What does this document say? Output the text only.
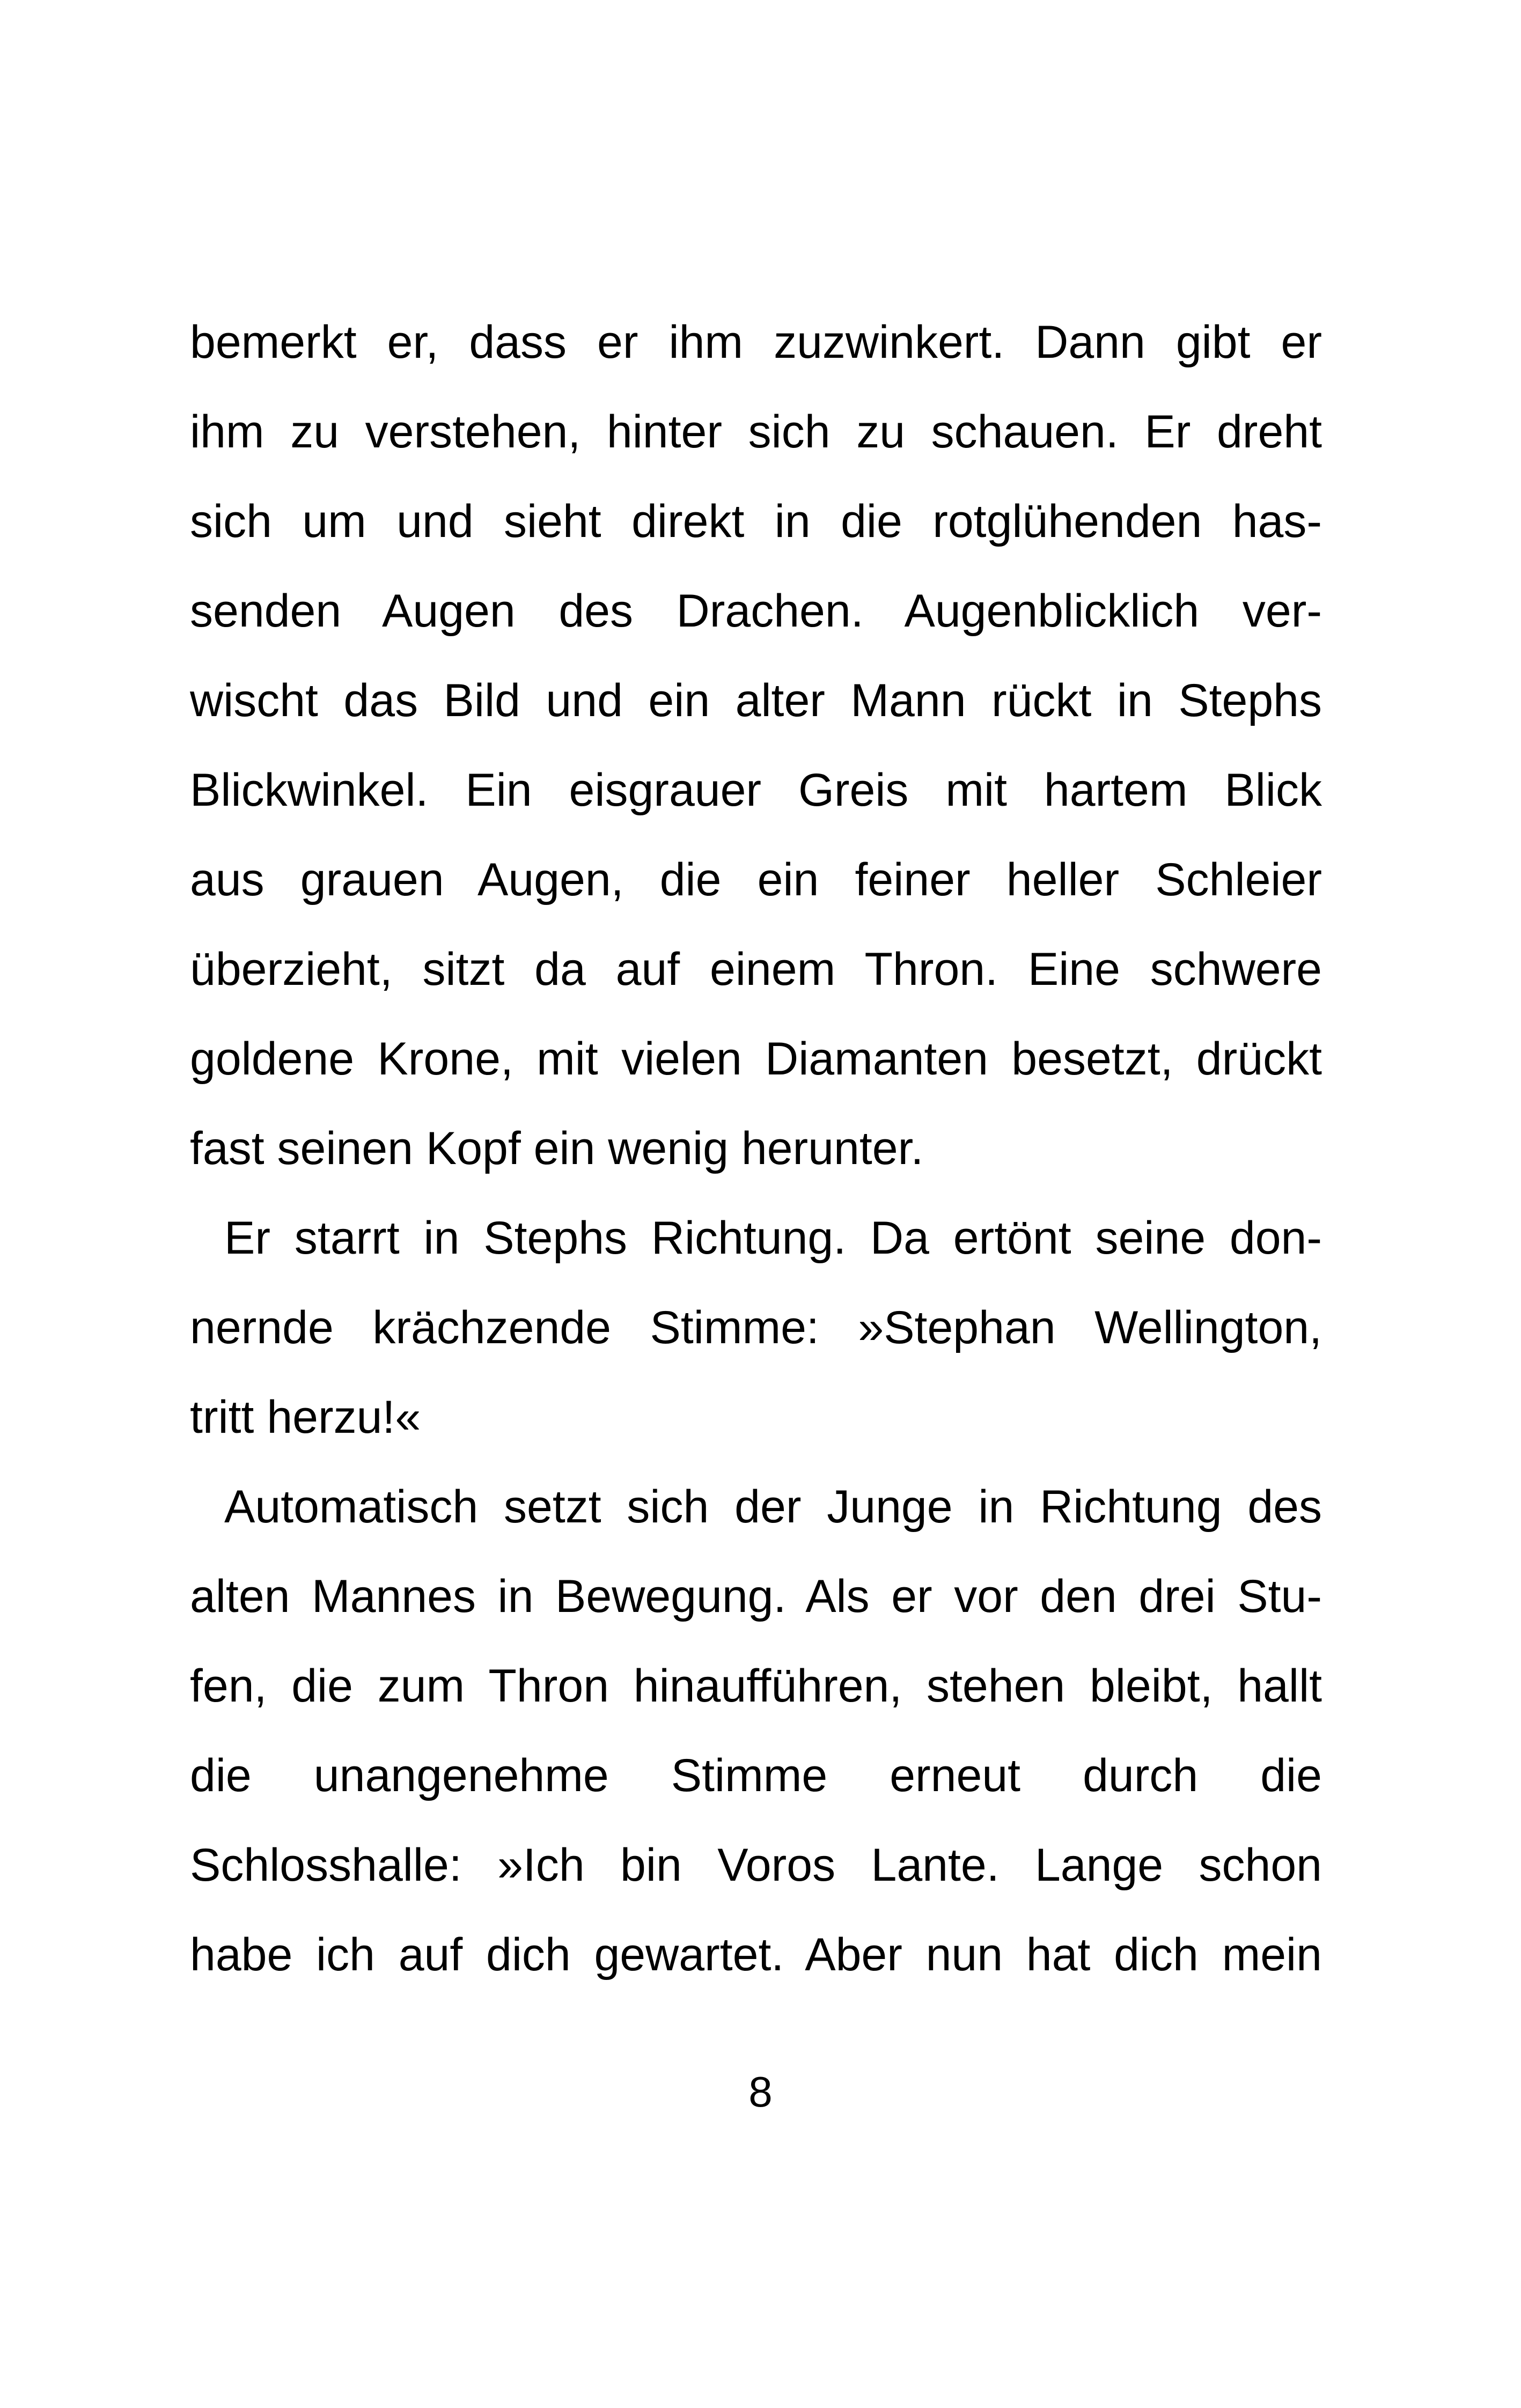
bemerkt er, dass er ihm zuzwinkert. Dann gibt er
ihm zu verstehen, hinter sich zu schauen. Er dreht
sich um und sieht direkt in die rotglühenden has-
senden Augen des Drachen. Augenblicklich ver-
wischt das Bild und ein alter Mann rückt in Stephs
Blickwinkel. Ein eisgrauer Greis mit hartem Blick
aus grauen Augen, die ein feiner heller Schleier
überzieht, sitzt da auf einem Thron. Eine schwere
goldene Krone, mit vielen Diamanten besetzt, drückt
fast seinen Kopf ein wenig herunter.
Er starrt in Stephs Richtung. Da ertönt seine don-
nernde krächzende Stimme: »Stephan Wellington,
tritt herzu!«
Automatisch setzt sich der Junge in Richtung des
alten Mannes in Bewegung. Als er vor den drei Stu-
fen, die zum Thron hinaufführen, stehen bleibt, hallt
die unangenehme Stimme erneut durch die
Schlosshalle: »Ich bin Voros Lante. Lange schon
habe ich auf dich gewartet. Aber nun hat dich mein
8
